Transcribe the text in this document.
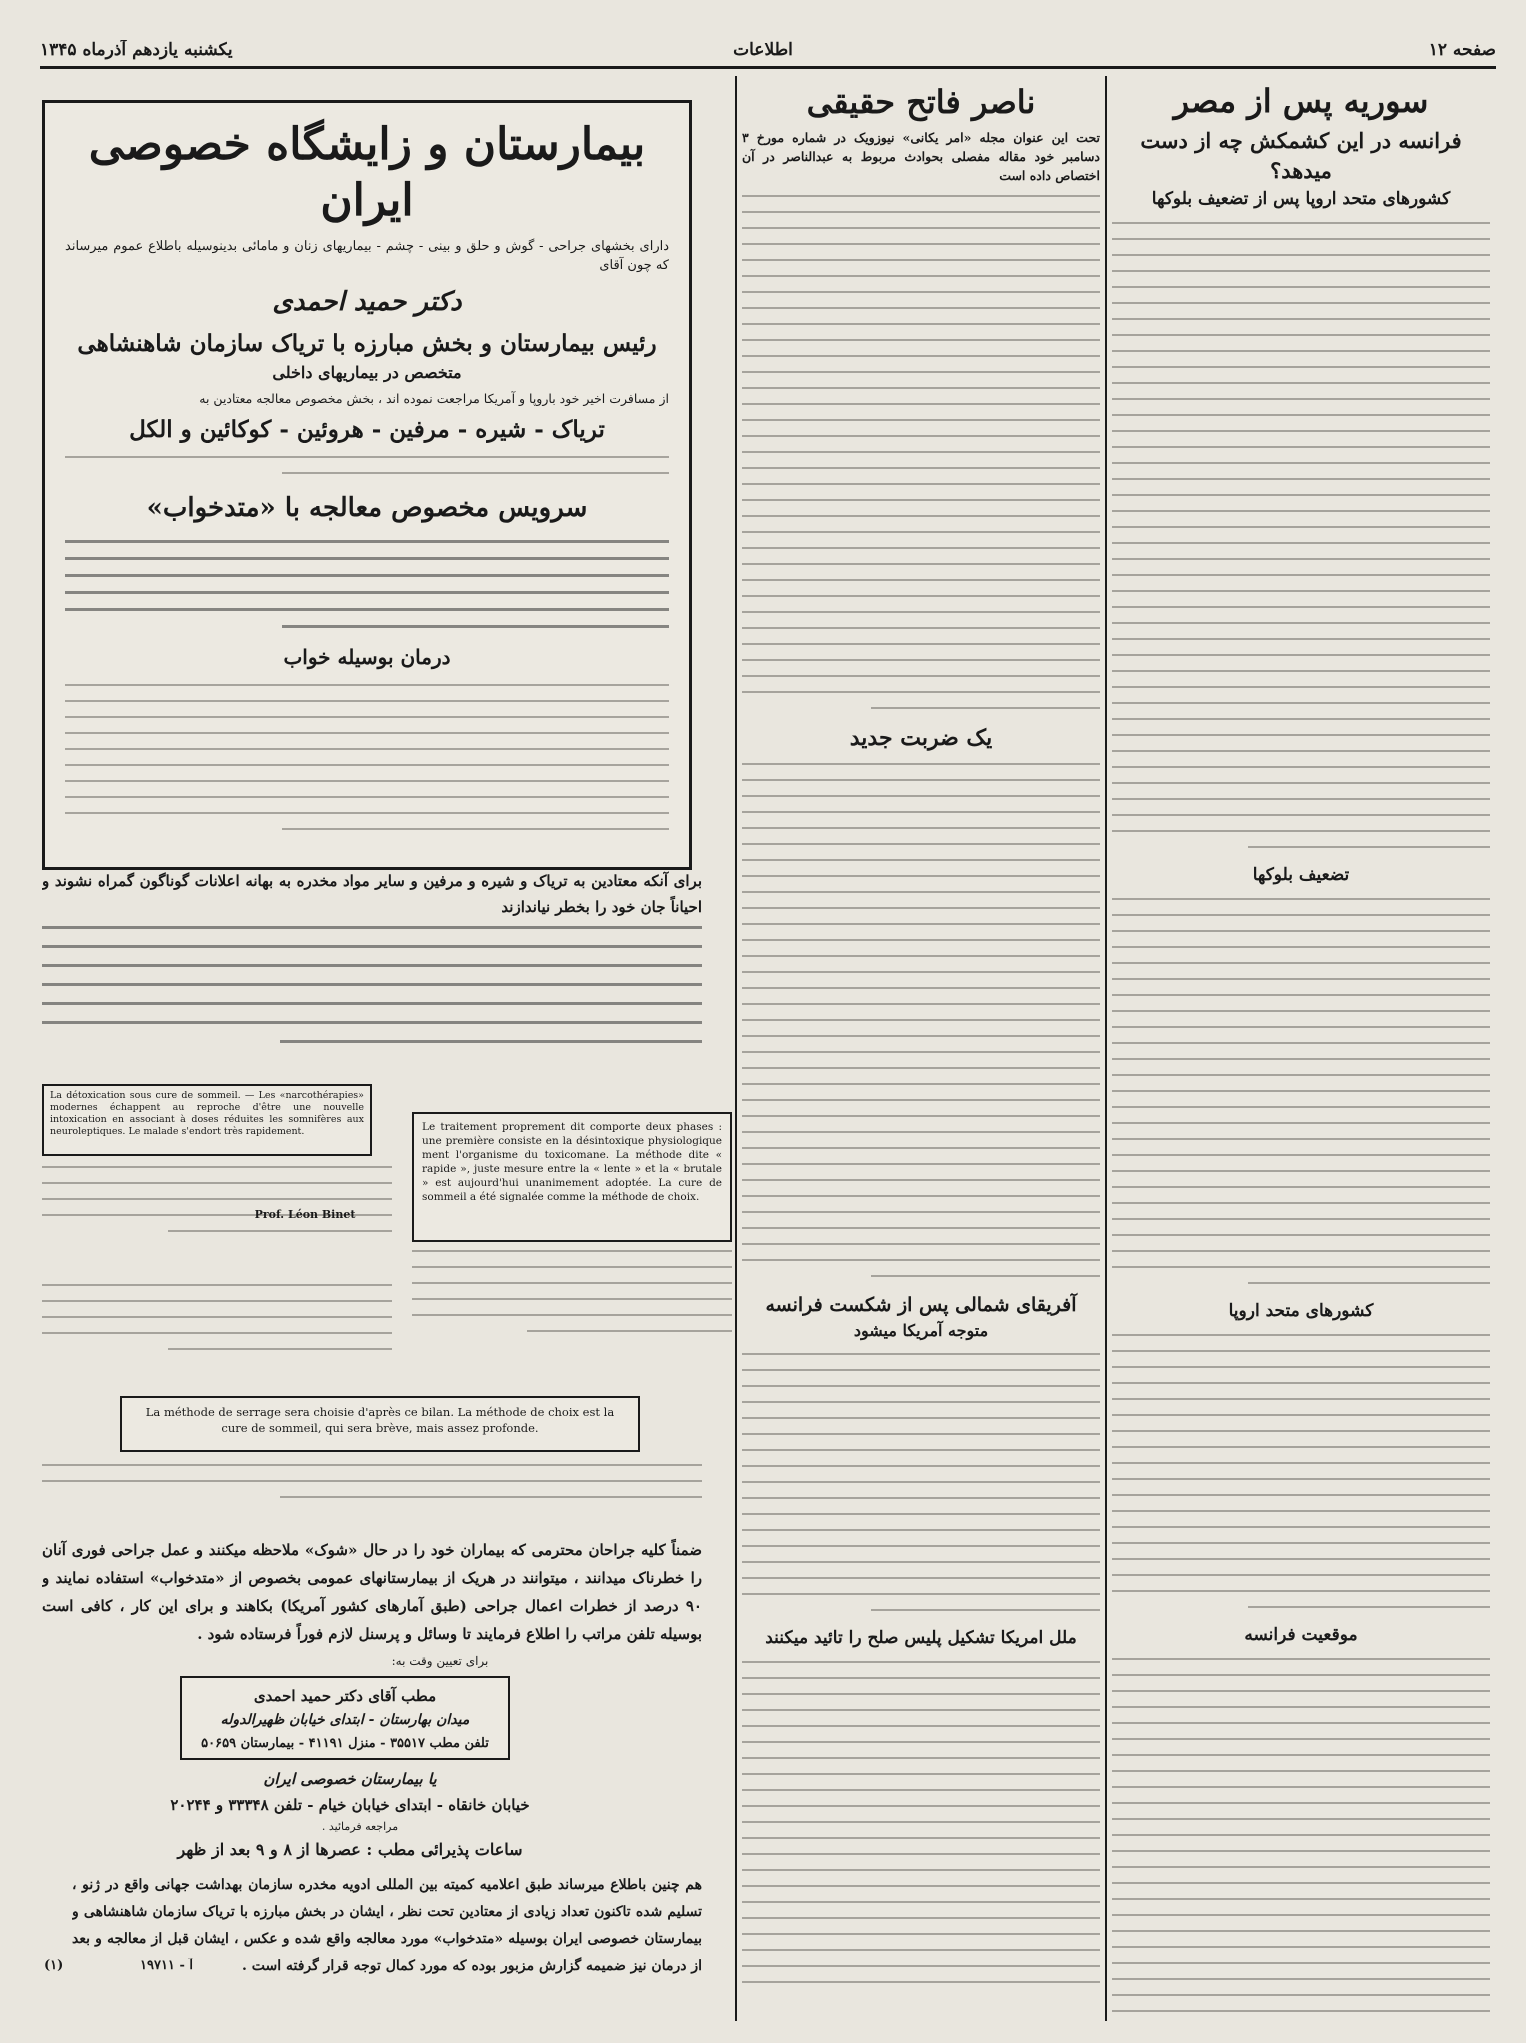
صفحه ۱۲
اطلاعات
یکشنبه یازدهم آذرماه ۱۳۴۵
سوریه پس از مصر
فرانسه در این کشمکش چه از دست میدهد؟
کشورهای متحد اروپا پس از تضعیف بلوکها
تضعیف بلوکها
کشورهای متحد اروپا
موقعیت فرانسه
ناصر فاتح حقیقی
تحت این عنوان مجله «امر یکانی» نیوزویک در شماره مورخ ۳ دسامبر خود مقاله مفصلی بحوادث مربوط به عبدالناصر در آن اختصاص داده است
یک ضربت جدید
آفریقای شمالی پس از شکست فرانسه
متوجه آمریکا میشود
ملل امریکا تشکیل پلیس صلح را تائید میکنند
بیمارستان و زایشگاه خصوصی ایران
دارای بخشهای جراحی - گوش و حلق و بینی - چشم - بیماریهای زنان و مامائی بدینوسیله باطلاع عموم میرساند که چون آقای
دکتر حمید احمدی
رئیس بیمارستان و بخش مبارزه با تریاک سازمان شاهنشاهی
متخصص در بیماریهای داخلی
از مسافرت اخیر خود باروپا و آمریکا مراجعت نموده اند ، بخش مخصوص معالجه معتادین به
تریاک - شیره - مرفین - هروئین - کوکائین و الکل
سرویس مخصوص معالجه با «متدخواب»
درمان بوسیله خواب
برای آنکه معتادین به تریاک و شیره و مرفین و سایر مواد مخدره به بهانه اعلانات گوناگون گمراه نشوند و احیاناً جان خود را بخطر نیاندازند
La détoxication sous cure de sommeil. — Les «narcothérapies» modernes échappent au reproche d'être une nouvelle intoxication en associant à doses réduites les somnifères aux neuroleptiques. Le malade s'endort très rapidement.	Le traitement proprement dit comporte deux phases : une première consiste en la désintoxique physiologique ment l'organisme du toxicomane. La méthode dite « rapide », juste mesure entre la « lente » et la « brutale » est aujourd'hui unanimement adoptée. La cure de sommeil a été signalée comme la méthode de choix.
Prof. Léon Binet
La méthode de serrage sera choisie d'après ce bilan. La méthode de choix est la cure de sommeil, qui sera brève, mais assez profonde.
ضمناً کلیه جراحان محترمی که بیماران خود را در حال «شوک» ملاحظه میکنند و عمل جراحی فوری آنان را خطرناک میدانند ، میتوانند در هریک از بیمارستانهای عمومی بخصوص از «متدخواب» استفاده نمایند و ۹۰ درصد از خطرات اعمال جراحی (طبق آمارهای کشور آمریکا) بکاهند و برای این کار ، کافی است بوسیله تلفن مراتب را اطلاع فرمایند تا وسائل و پرسنل لازم فوراً فرستاده شود .
برای تعیین وقت به:
مطب آقای دکتر حمید احمدی
میدان بهارستان - ابتدای خیابان ظهیرالدوله
تلفن مطب ۳۵۵۱۷ - منزل ۴۱۱۹۱ - بیمارستان ۵۰۶۵۹
یا بیمارستان خصوصی ایران
خیابان خانقاه - ابتدای خیابان خیام - تلفن ۳۳۳۴۸ و ۲۰۲۴۴
مراجعه فرمائید .
ساعات پذیرائی مطب : عصرها از ۸ و ۹ بعد از ظهر
هم چنین باطلاع میرساند طبق اعلامیه کمیته بین المللی ادویه مخدره سازمان بهداشت جهانی واقع در ژنو ، تسلیم شده تاکنون تعداد زیادی از معتادین تحت نظر ، ایشان در بخش مبارزه با تریاک سازمان شاهنشاهی و بیمارستان خصوصی ایران بوسیله «متدخواب» مورد معالجه واقع شده و عکس ، ایشان قبل از معالجه و بعد از درمان نیز ضمیمه گزارش مزبور بوده که مورد کمال توجه قرار گرفته است .
آ - ۱۹۷۱۱
(۱)
